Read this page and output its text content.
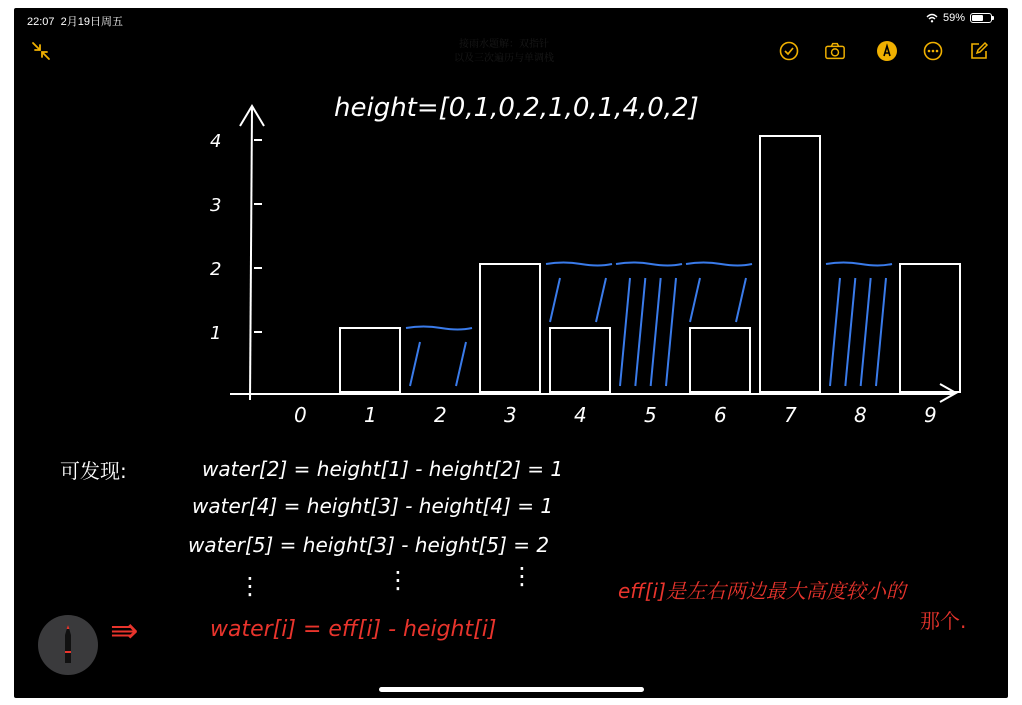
22:07 2月19日周五	59%
接雨水题解：双指针
以及三次遍历与单调栈
height=[0,1,0,2,1,0,1,4,0,2]
1
2
3
4
0	1	2	3	4	5	6	7	8	9
可发现:	water[2] = height[1] - height[2] = 1
water[4] = height[3] - height[4] = 1
water[5] = height[3] - height[5] = 2
⋮	⋮	⋮
⇛	water[i] = eff[i] - height[i]
eff[i]是左右两边最大高度较小的
那个.
